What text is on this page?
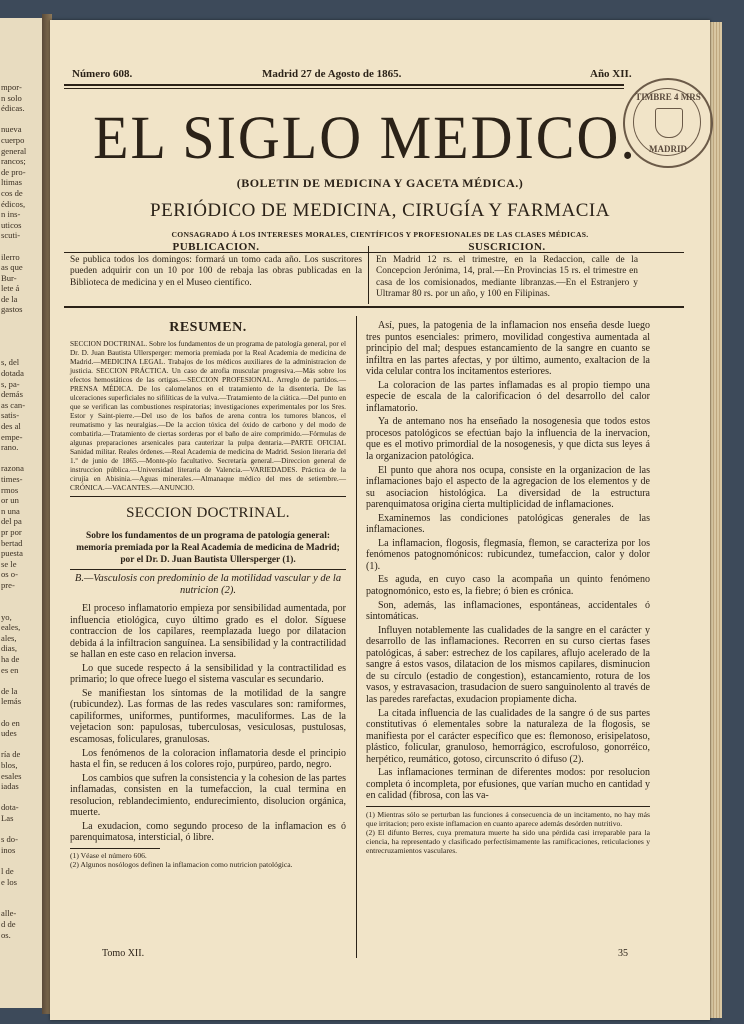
mpor-
n solo
édicas.

nueva
cuerpo
general
rancos;
de pro-
ltimas
cos de
édicos,
n ins-
uticos
scuti-

ilerro
as que
Bur-
lete á
de la
gastos

s, del
dotada
s, pa-
demás
as can-
satis-
des al
empe-
rano.

razona
times-
rmos
or un
n una
del pa
pr por
bertad
puesta
se le
os o-
pre-

yo,
eales,
ales,
dias,
ha de
es en

de la
lemás

do en
udes

ría de
blos,
esales
iadas

dota-
Las

s do-
inos

l de
e los

alle-
d de
os.
Número 608.	Madrid 27 de Agosto de 1865.	Año XII.
EL SIGLO MEDICO.
(BOLETIN DE MEDICINA Y GACETA MÉDICA.)
PERIÓDICO DE MEDICINA, CIRUGÍA Y FARMACIA
CONSAGRADO Á LOS INTERESES MORALES, CIENTÍFICOS Y PROFESIONALES DE LAS CLASES MÉDICAS.
TIMBRE 4 MRS
MADRID
PUBLICACION.

Se publica todos los domingos: formará un tomo cada año. Los suscritores pueden adquirir con un 10 por 100 de rebaja las obras publicadas en la Biblioteca de medicina y en el Museo científico.

SUSCRICION.

En Madrid 12 rs. el trimestre, en la Redaccion, calle de la Concepcion Jerónima, 14, pral.—En Provincias 15 rs. el trimestre en casa de los comisionados, mediante libranzas.—En el Estranjero y Ultramar 80 rs. por un año, y 100 en Filipinas.

RESUMEN.

SECCION DOCTRINAL. Sobre los fundamentos de un programa de patología general, por el Dr. D. Juan Bautista Ullersperger: memoria premiada por la Real Academia de medicina de Madrid.—MEDICINA LEGAL. Trabajos de los médicos auxiliares de la administracion de justicia. SECCION PRÁCTICA. Un caso de atrofia muscular progresiva.—Más sobre los efectos hemostáticos de las ortigas.—SECCION PROFESIONAL. Arreglo de partidos.—PRENSA MÉDICA. De los calomelanos en el tratamiento de la disentería. De las ulceraciones superficiales no sifilíticas de la vulva.—Tratamiento de la ciática.—Del punto en que se verifican las combustiones respiratorias; investigaciones experimentales por los Sres. Estor y Saint-pierre.—Del uso de los baños de arena contra los tumores blancos, el reumatismo y las neuralgias.—De la accion tóxica del óxido de carbono y del modo de combatirla.—Tratamiento de ciertas sorderas por el baño de aire comprimido.—Fórmulas de algunas preparaciones arsenicales para cauterizar la pulpa dentaria.—PARTE OFICIAL Sanidad militar. Reales órdenes.—Real Academia de medicina de Madrid. Sesion literaria del 1.º de junio de 1865.—Monte-pío facultativo. Secretaría general.—Direccion general de instruccion pública.—Universidad literaria de Valencia.—VARIEDADES. Práctica de la cirujía en Abisinia.—Aguas minerales.—Almanaque médico del mes de setiembre.—CRÓNICA.—VACANTES.—ANUNCIO.

SECCION DOCTRINAL.

Sobre los fundamentos de un programa de patología general: memoria premiada por la Real Academia de medicina de Madrid; por el Dr. D. Juan Bautista Ullersperger (1).

B.—Vasculosis con predominio de la motilidad vascular y de la nutricion (2).

El proceso inflamatorio empieza por sensibilidad aumentada, por influencia etiológica, cuyo último grado es el dolor. Síguese contraccion de los capilares, reemplazada luego por dilatacion debida á la infiltracion sanguínea. La sensibilidad y la contractilidad se hallan en este caso en relacion inversa.

Lo que sucede respecto á la sensibilidad y la contractilidad es primario; lo que ofrece luego el sistema vascular es secundario.

Se manifiestan los síntomas de la motilidad de la sangre (rubicundez). Las formas de las redes vasculares son: ramiformes, capiliformes, uniformes, puntiformes, maculiformes. Las de la vejetacion son: papulosas, tuberculosas, vesiculosas, pustulosas, escamosas, foliculares, granulosas.

Los fenómenos de la coloracion inflamatoria desde el principio hasta el fin, se reducen á los colores rojo, purpúreo, pardo, negro.

Los cambios que sufren la consistencia y la cohesion de las partes inflamadas, consisten en la tumefaccion, la cual termina en resolucion, reblandecimiento, endurecimiento, disolucion orgánica, muerte.

La exudacion, como segundo proceso de la inflamacion es ó parenquimatosa, intersticial, ó libre.

(1) Véase el número 606.

(2) Algunos nosólogos definen la inflamacion como nutricion patológica.

Así, pues, la patogenia de la inflamacion nos enseña desde luego tres puntos esenciales: primero, movilidad congestiva aumentada al principio del mal; despues estancamiento de la sangre en cuanto se infiltra en las partes afectas, y por último, aumento, exaltacion de la vida celular contra los incitamentos esteriores.

La coloracion de las partes inflamadas es al propio tiempo una especie de escala de la calorificacion ó del desarrollo del calor inflamatorio.

Ya de antemano nos ha enseñado la nosogenesia que todos estos procesos patológicos se efectúan bajo la influencia de la inervacion, que es el motivo primordial de la nosogenesis, y que dicta sus leyes á la organizacion patológica.

El punto que ahora nos ocupa, consiste en la organizacion de las inflamaciones bajo el aspecto de la agregacion de los elementos y de su asociacion histológica. La diversidad de la estructura parenquimatosa origina cierta multiplicidad de inflamaciones.

Examinemos las condiciones patológicas generales de las inflamaciones.

La inflamacion, flogosis, flegmasía, flemon, se caracteriza por los fenómenos patognomónicos: rubicundez, tumefaccion, calor y dolor (1).

Es aguda, en cuyo caso la acompaña un quinto fenómeno patognomónico, esto es, la fiebre; ó bien es crónica.

Son, además, las inflamaciones, espontáneas, accidentales ó sintomáticas.

Influyen notablemente las cualidades de la sangre en el carácter y desarrollo de las inflamaciones. Recorren en su curso ciertas fases patológicas, á saber: estrechez de los capilares, aflujo acelerado de la sangre á estos vasos, dilatacion de los mismos capilares, disminucion de su círculo (estadio de congestion), estancamiento, rotura de los vasos, y estravasacion, trasudacion de suero sanguinolento al través de las paredes rarefactas, exudacion propiamente dicha.

La citada influencia de las cualidades de la sangre ó de sus partes constitutivas ó elementales sobre la naturaleza de la flogosis, se manifiesta por el carácter específico que es: flemonoso, erisipelatoso, plástico, folicular, granuloso, hemorrágico, escrofuloso, gonorréico, herpético, reumático, gotoso, circunscrito ó difuso (2).

Las inflamaciones terminan de diferentes modos: por resolucion completa ó incompleta, por efusiones, que varían mucho en cantidad y en calidad (fibrosa, con las va-

(1) Mientras sólo se perturban las funciones á consecuencia de un incitamento, no hay más que irritacion; pero existe inflamacion en cuanto aparece además desórden nutritivo.

(2) El difunto Berres, cuya prematura muerte ha sido una pérdida casi irreparable para la ciencia, ha representado y clasificado perfectísimamente las ramificaciones, reticulaciones y entrecruzamientos vasculares.

Tomo XII.	35
